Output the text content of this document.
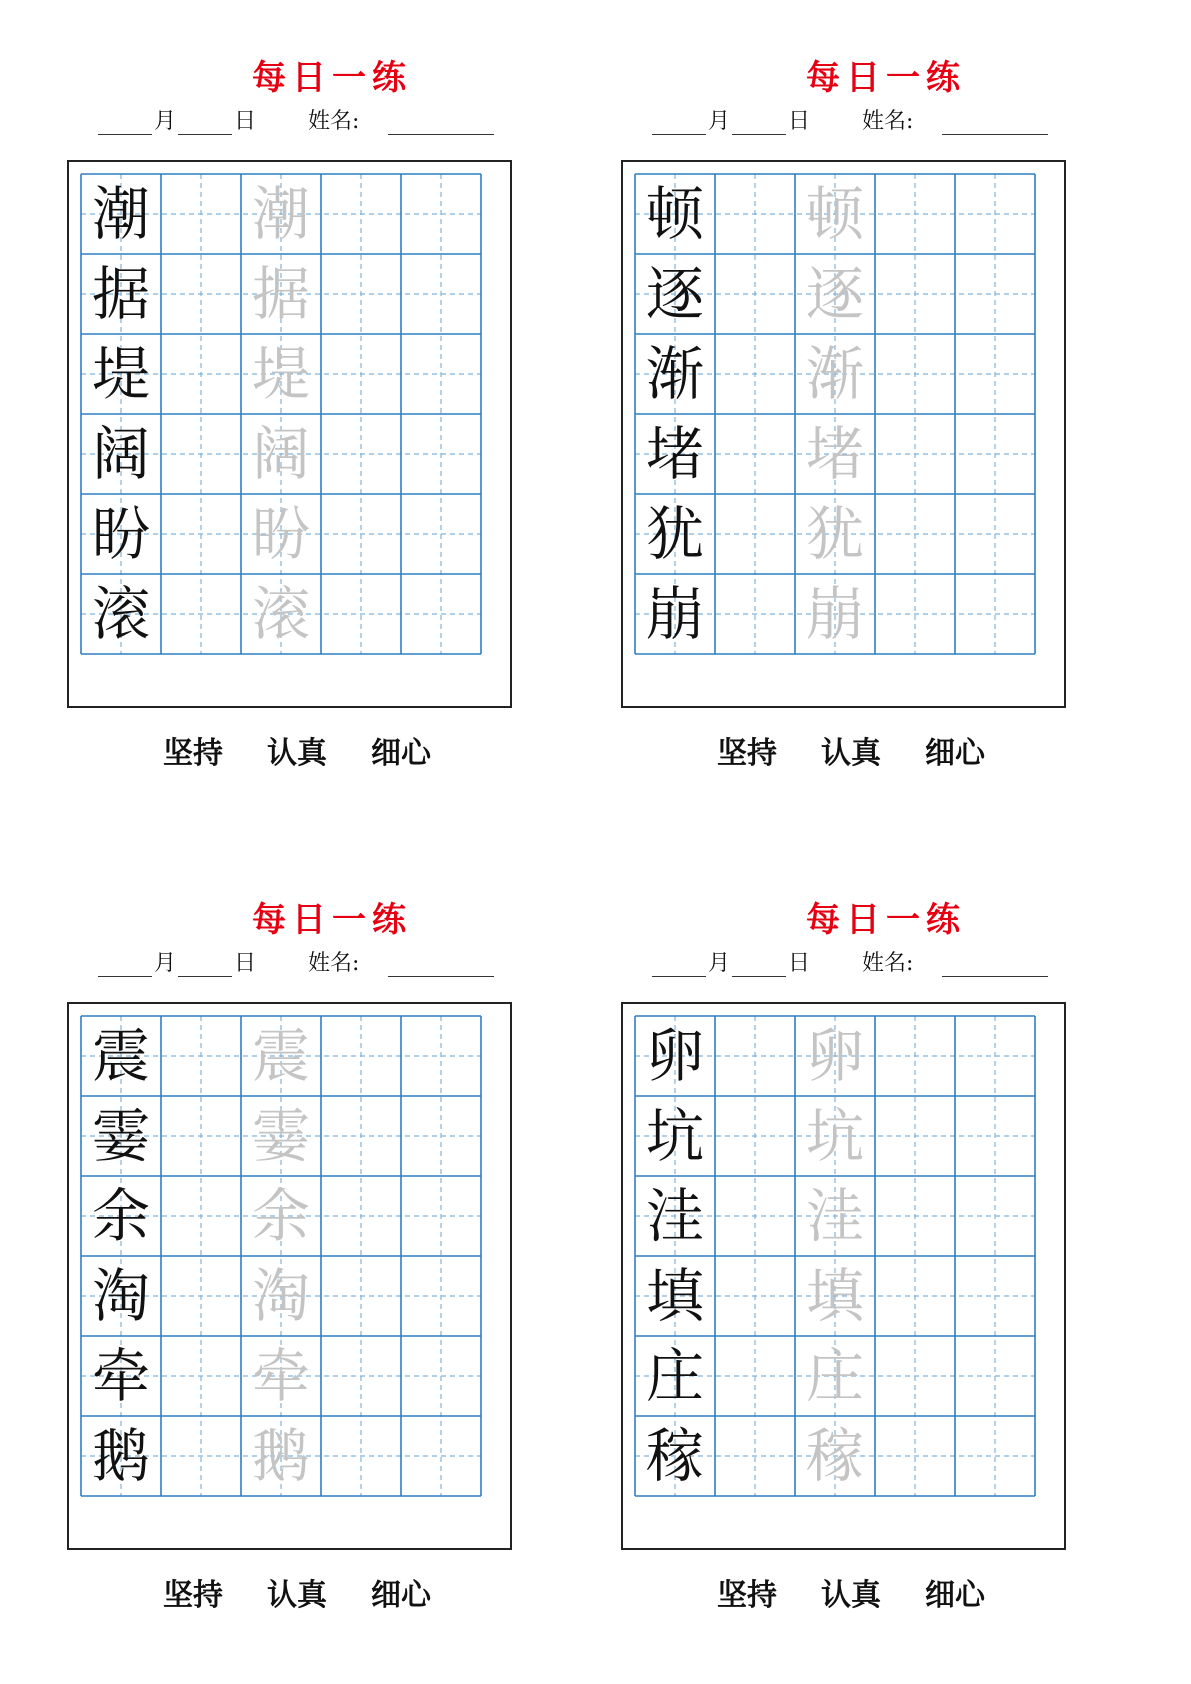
每日一练
月	日 姓名:
潮 潮
据 据
堤 堤
阔 阔
盼 盼
滚 滚
坚持 认真 细心
每日一练
月	日 姓名:
顿 顿
逐 逐
渐 渐
堵 堵
犹 犹
崩 崩
坚持 认真 细心
每日一练
月	日 姓名:
震 震
霎 霎
余 余
淘 淘
牵 牵
鹅 鹅
坚持 认真 细心
每日一练
月	日 姓名:
卵 卵
坑 坑
洼 洼
填 填
庄 庄
稼 稼
坚持 认真 细心
